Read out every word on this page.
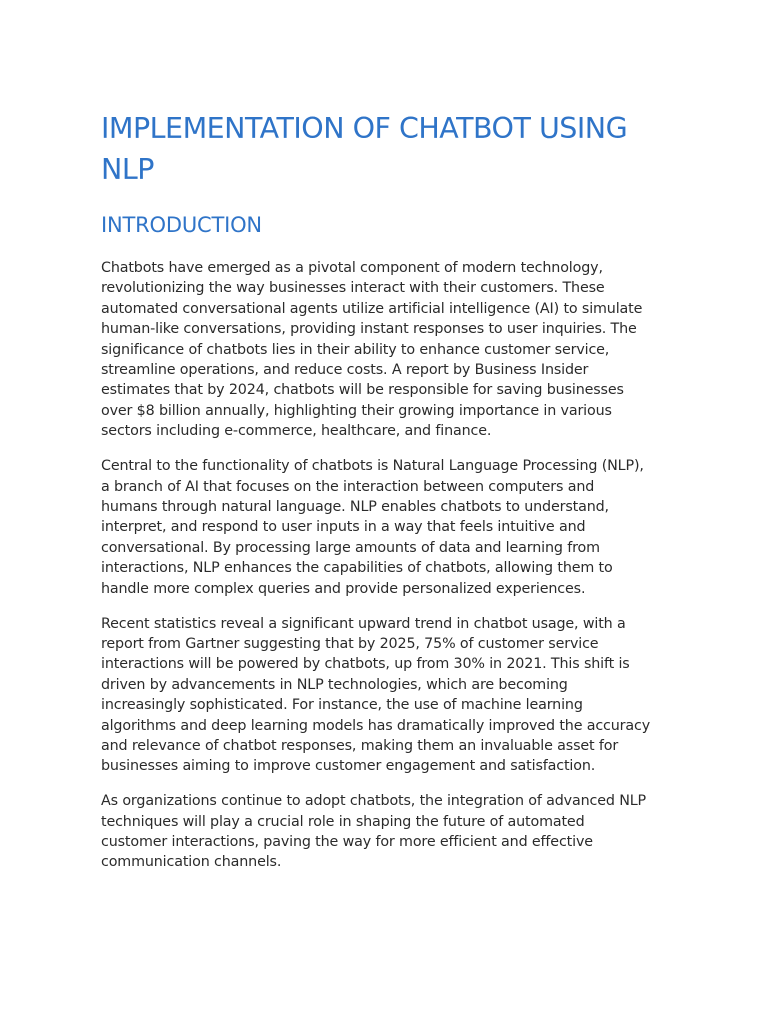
IMPLEMENTATION OF CHATBOT USING
NLP
INTRODUCTION

Chatbots have emerged as a pivotal component of modern technology,
revolutionizing the way businesses interact with their customers. These
automated conversational agents utilize artificial intelligence (AI) to simulate
human-like conversations, providing instant responses to user inquiries. The
significance of chatbots lies in their ability to enhance customer service,
streamline operations, and reduce costs. A report by Business Insider
estimates that by 2024, chatbots will be responsible for saving businesses
over $8 billion annually, highlighting their growing importance in various
sectors including e-commerce, healthcare, and finance.

Central to the functionality of chatbots is Natural Language Processing (NLP),
a branch of AI that focuses on the interaction between computers and
humans through natural language. NLP enables chatbots to understand,
interpret, and respond to user inputs in a way that feels intuitive and
conversational. By processing large amounts of data and learning from
interactions, NLP enhances the capabilities of chatbots, allowing them to
handle more complex queries and provide personalized experiences.

Recent statistics reveal a significant upward trend in chatbot usage, with a
report from Gartner suggesting that by 2025, 75% of customer service
interactions will be powered by chatbots, up from 30% in 2021. This shift is
driven by advancements in NLP technologies, which are becoming
increasingly sophisticated. For instance, the use of machine learning
algorithms and deep learning models has dramatically improved the accuracy
and relevance of chatbot responses, making them an invaluable asset for
businesses aiming to improve customer engagement and satisfaction.

As organizations continue to adopt chatbots, the integration of advanced NLP
techniques will play a crucial role in shaping the future of automated
customer interactions, paving the way for more efficient and effective
communication channels.
